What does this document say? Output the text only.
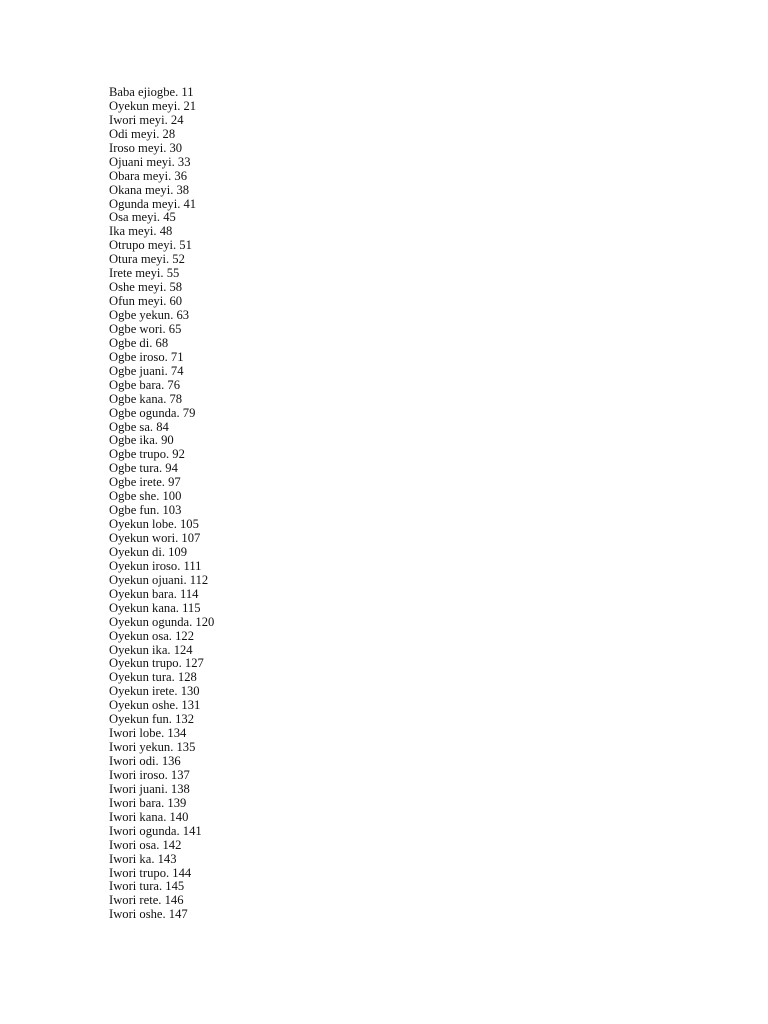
Baba ejiogbe. 11
Oyekun meyi. 21
Iwori meyi. 24
Odi meyi. 28
Iroso meyi. 30
Ojuani meyi. 33
Obara meyi. 36
Okana meyi. 38
Ogunda meyi. 41
Osa meyi. 45
Ika meyi. 48
Otrupo meyi. 51
Otura meyi. 52
Irete meyi. 55
Oshe meyi. 58
Ofun meyi. 60
Ogbe yekun. 63
Ogbe wori. 65
Ogbe di. 68
Ogbe iroso. 71
Ogbe juani. 74
Ogbe bara. 76
Ogbe kana. 78
Ogbe ogunda. 79
Ogbe sa. 84
Ogbe ika. 90
Ogbe trupo. 92
Ogbe tura. 94
Ogbe irete. 97
Ogbe she. 100
Ogbe fun. 103
Oyekun lobe. 105
Oyekun wori. 107
Oyekun di. 109
Oyekun iroso. 111
Oyekun ojuani. 112
Oyekun bara. 114
Oyekun kana. 115
Oyekun ogunda. 120
Oyekun osa. 122
Oyekun ika. 124
Oyekun trupo. 127
Oyekun tura. 128
Oyekun irete. 130
Oyekun oshe. 131
Oyekun fun. 132
Iwori lobe. 134
Iwori yekun. 135
Iwori odi. 136
Iwori iroso. 137
Iwori juani. 138
Iwori bara. 139
Iwori kana. 140
Iwori ogunda. 141
Iwori osa. 142
Iwori ka. 143
Iwori trupo. 144
Iwori tura. 145
Iwori rete. 146
Iwori oshe. 147
